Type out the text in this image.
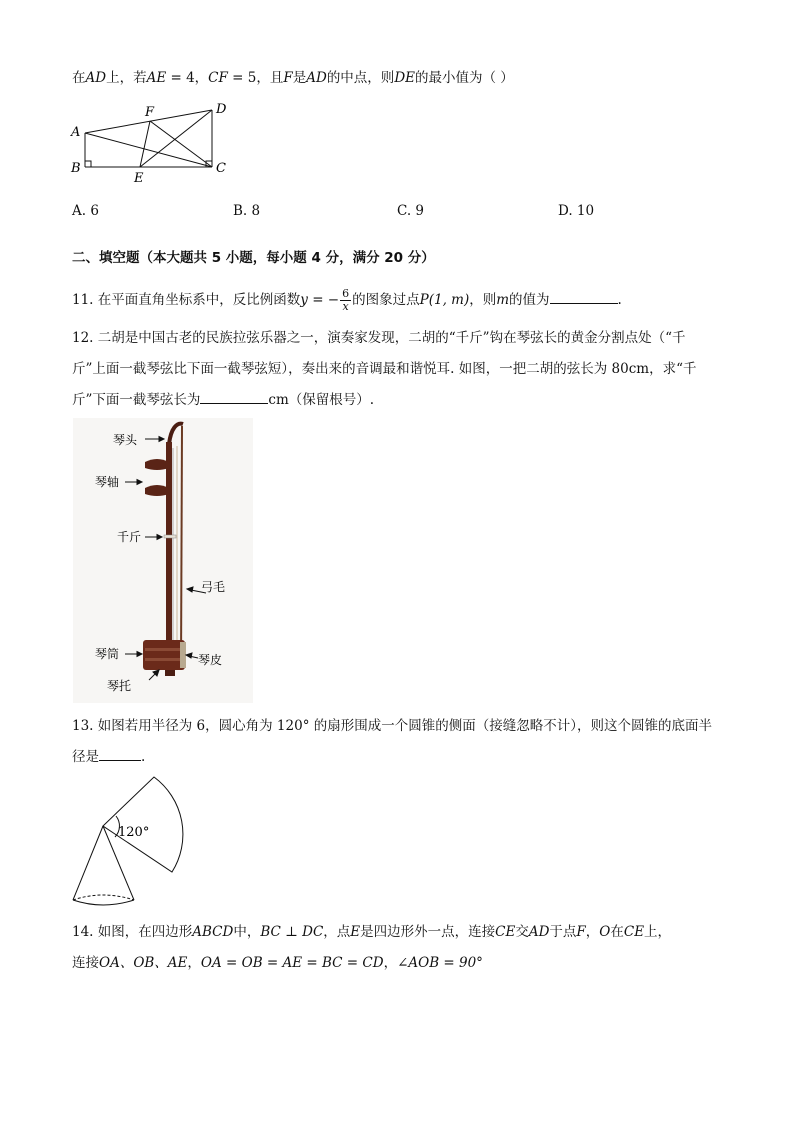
在AD上，若AE = 4，CF = 5，且F是AD的中点，则DE的最小值为（ ）
A
B	C
D
E
F
A. 6	B. 8	C. 9	D. 10
二、填空题（本大题共 5 小题，每小题 4 分，满分 20 分）
11. 在平面直角坐标系中，反比例函数y = − $\frac{6}{x}$ 的图象过点P(1, m)，则m的值为	.
12. 二胡是中国古老的民族拉弦乐器之一，演奏家发现，二胡的“千斤”钩在琴弦长的黄金分割点处（“千
斤”上面一截琴弦比下面一截琴弦短），奏出来的音调最和谐悦耳. 如图，一把二胡的弦长为 80cm，求“千
斤”下面一截琴弦长为	cm（保留根号）.
琴头
琴轴
千斤
弓毛
琴筒	琴皮
琴托
13. 如图若用半径为 6，圆心角为 120° 的扇形围成一个圆锥的侧面（接缝忽略不计），则这个圆锥的底面半
径是	.
120°
14. 如图，在四边形ABCD中，BC ⊥ DC，点E是四边形外一点，连接CE交AD于点F，O在CE上，
连接OA、OB、AE，OA = OB = AE = BC = CD，∠AOB = 90°
